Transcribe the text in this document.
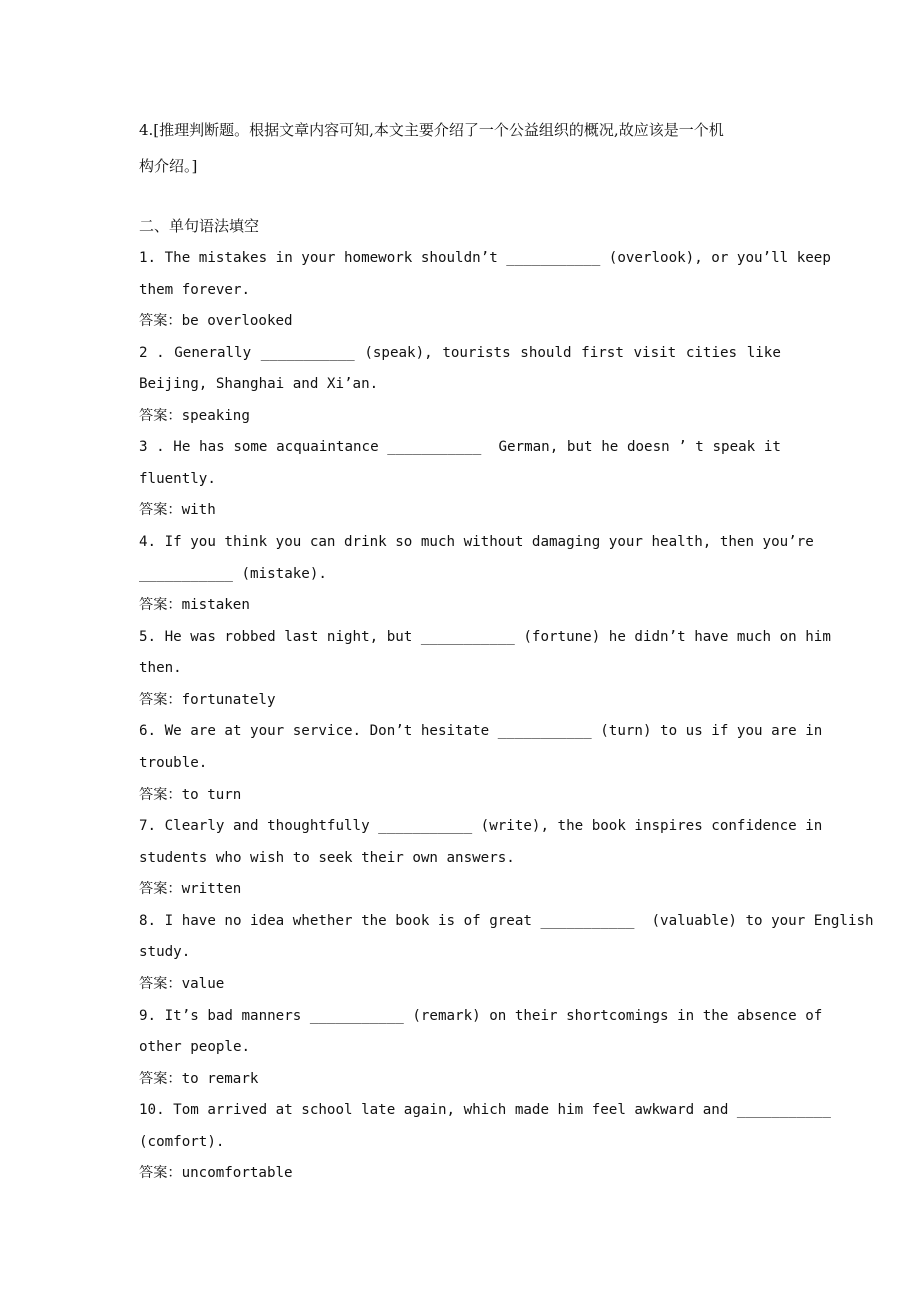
4.[推理判断题。根据文章内容可知,本文主要介绍了一个公益组织的概况,故应该是一个机
构介绍。]
二、单句语法填空
1. The mistakes in your homework shouldn’t ___________ (overlook), or you’ll keep
them forever.
答案：be overlooked
2 . Generally ___________ (speak), tourists should first visit cities like
Beijing, Shanghai and Xi’an.
答案：speaking
3 . He has some acquaintance ___________ German, but he doesn ’ t speak it
fluently.
答案：with
4. If you think you can drink so much without damaging your health, then you’re
___________ (mistake).
答案：mistaken
5. He was robbed last night, but ___________ (fortune) he didn’t have much on him
then.
答案：fortunately
6. We are at your service. Don’t hesitate ___________ (turn) to us if you are in
trouble.
答案：to turn
7. Clearly and thoughtfully ___________ (write), the book inspires confidence in
students who wish to seek their own answers.
答案：written
8. I have no idea whether the book is of great ___________  (valuable) to your English
study.
答案：value
9. It’s bad manners ___________ (remark) on their shortcomings in the absence of
other people.
答案：to remark
10. Tom arrived at school late again, which made him feel awkward and ___________
(comfort).
答案：uncomfortable
